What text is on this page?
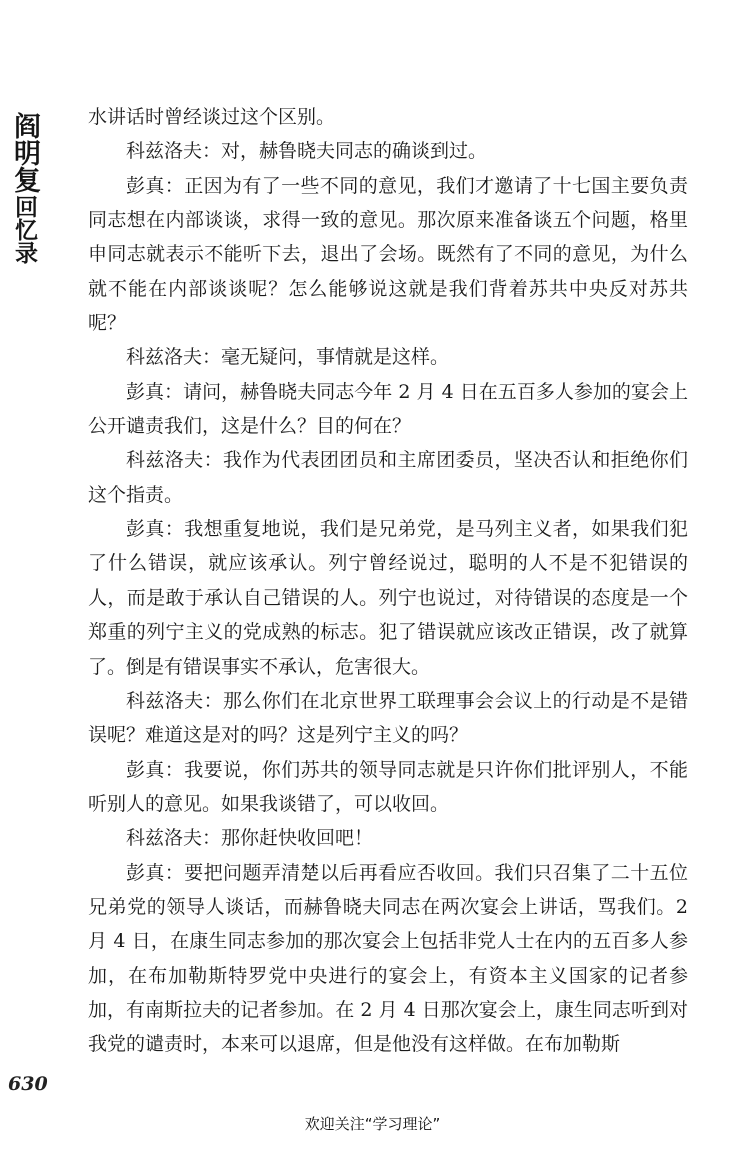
阎明复
回忆录

水讲话时曾经谈过这个区别。

科兹洛夫：对，赫鲁晓夫同志的确谈到过。

彭真：正因为有了一些不同的意见，我们才邀请了十七国主要负责同志想在内部谈谈，求得一致的意见。那次原来准备谈五个问题，格里申同志就表示不能听下去，退出了会场。既然有了不同的意见，为什么就不能在内部谈谈呢？怎么能够说这就是我们背着苏共中央反对苏共呢？

科兹洛夫：毫无疑问，事情就是这样。

彭真：请问，赫鲁晓夫同志今年 2 月 4 日在五百多人参加的宴会上公开谴责我们，这是什么？目的何在？

科兹洛夫：我作为代表团团员和主席团委员，坚决否认和拒绝你们这个指责。

彭真：我想重复地说，我们是兄弟党，是马列主义者，如果我们犯了什么错误，就应该承认。列宁曾经说过，聪明的人不是不犯错误的人，而是敢于承认自己错误的人。列宁也说过，对待错误的态度是一个郑重的列宁主义的党成熟的标志。犯了错误就应该改正错误，改了就算了。倒是有错误事实不承认，危害很大。

科兹洛夫：那么你们在北京世界工联理事会会议上的行动是不是错误呢？难道这是对的吗？这是列宁主义的吗？

彭真：我要说，你们苏共的领导同志就是只许你们批评别人，不能听别人的意见。如果我谈错了，可以收回。

科兹洛夫：那你赶快收回吧！

彭真：要把问题弄清楚以后再看应否收回。我们只召集了二十五位兄弟党的领导人谈话，而赫鲁晓夫同志在两次宴会上讲话，骂我们。2 月 4 日，在康生同志参加的那次宴会上包括非党人士在内的五百多人参加，在布加勒斯特罗党中央进行的宴会上，有资本主义国家的记者参加，有南斯拉夫的记者参加。在 2 月 4 日那次宴会上，康生同志听到对我党的谴责时，本来可以退席，但是他没有这样做。在布加勒斯

630
欢迎关注“学习理论”
